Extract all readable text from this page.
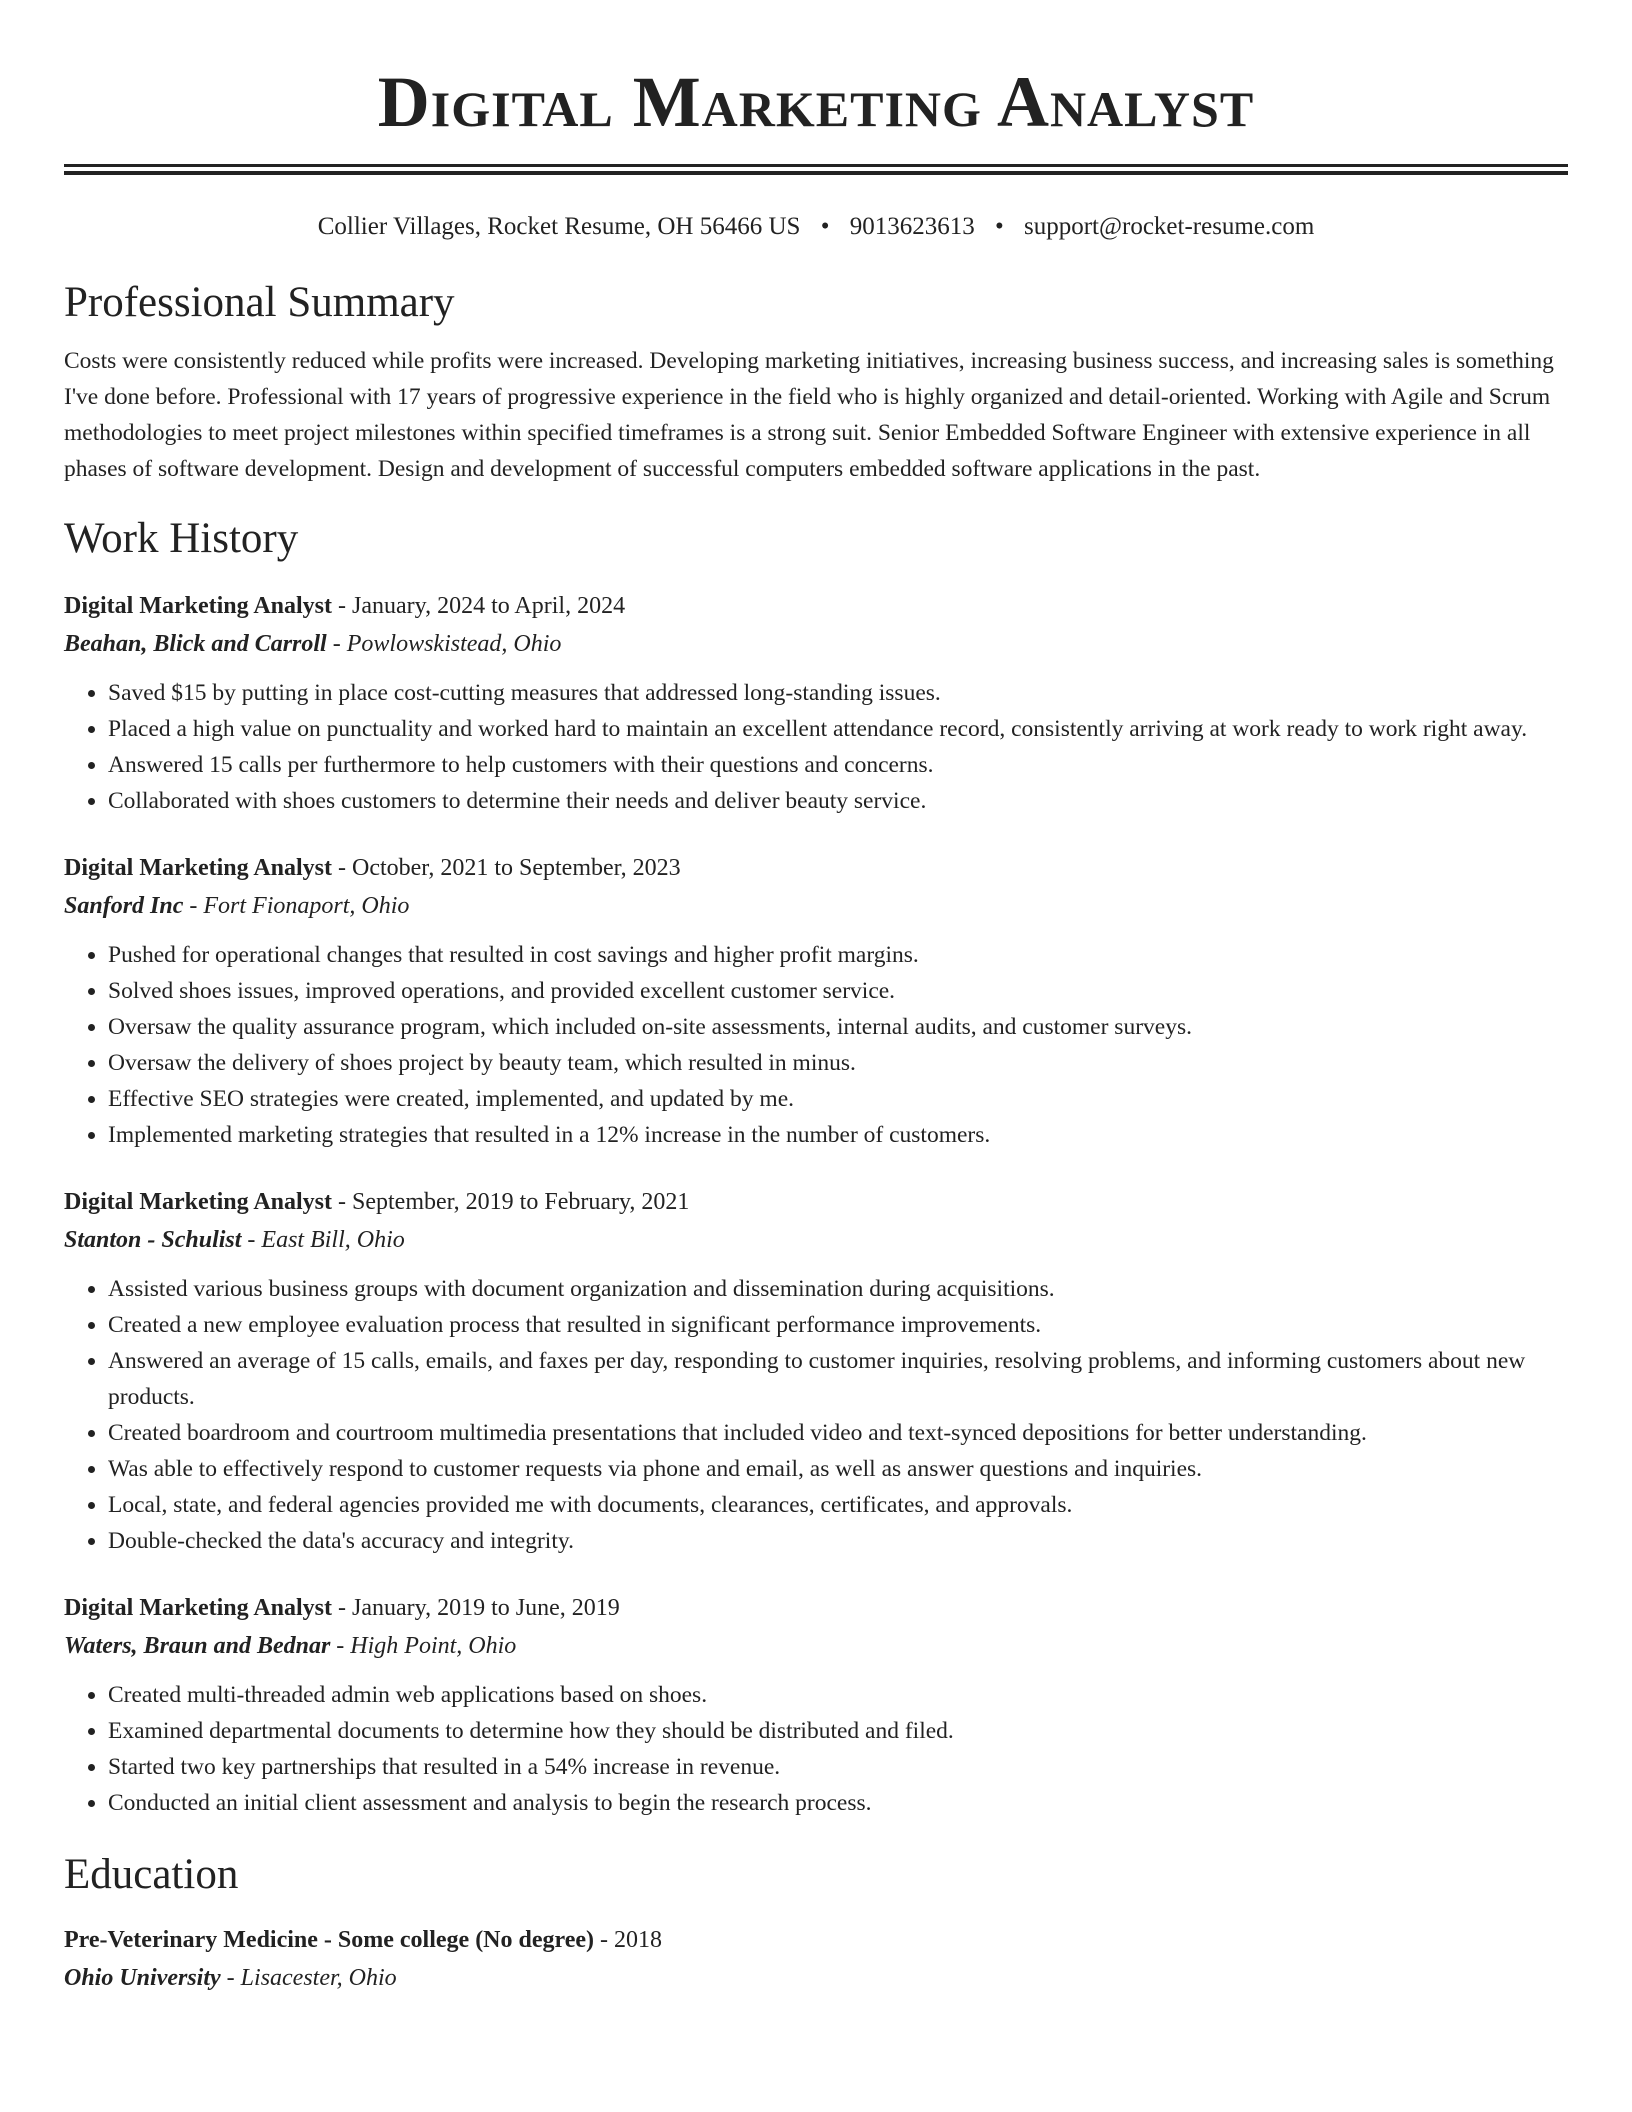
Digital Marketing Analyst
Collier Villages, Rocket Resume, OH 56466 US • 9013623613 • support@rocket-resume.com
Professional Summary
Costs were consistently reduced while profits were increased. Developing marketing initiatives, increasing business success, and increasing sales is something I've done before. Professional with 17 years of progressive experience in the field who is highly organized and detail-oriented. Working with Agile and Scrum methodologies to meet project milestones within specified timeframes is a strong suit. Senior Embedded Software Engineer with extensive experience in all phases of software development. Design and development of successful computers embedded software applications in the past.
Work History
Digital Marketing Analyst - January, 2024 to April, 2024
Beahan, Blick and Carroll - Powlowskistead, Ohio
• Saved $15 by putting in place cost-cutting measures that addressed long-standing issues.
• Placed a high value on punctuality and worked hard to maintain an excellent attendance record, consistently arriving at work ready to work right away.
• Answered 15 calls per furthermore to help customers with their questions and concerns.
• Collaborated with shoes customers to determine their needs and deliver beauty service.
Digital Marketing Analyst - October, 2021 to September, 2023
Sanford Inc - Fort Fionaport, Ohio
• Pushed for operational changes that resulted in cost savings and higher profit margins.
• Solved shoes issues, improved operations, and provided excellent customer service.
• Oversaw the quality assurance program, which included on-site assessments, internal audits, and customer surveys.
• Oversaw the delivery of shoes project by beauty team, which resulted in minus.
• Effective SEO strategies were created, implemented, and updated by me.
• Implemented marketing strategies that resulted in a 12% increase in the number of customers.
Digital Marketing Analyst - September, 2019 to February, 2021
Stanton - Schulist - East Bill, Ohio
• Assisted various business groups with document organization and dissemination during acquisitions.
• Created a new employee evaluation process that resulted in significant performance improvements.
• Answered an average of 15 calls, emails, and faxes per day, responding to customer inquiries, resolving problems, and informing customers about new products.
• Created boardroom and courtroom multimedia presentations that included video and text-synced depositions for better understanding.
• Was able to effectively respond to customer requests via phone and email, as well as answer questions and inquiries.
• Local, state, and federal agencies provided me with documents, clearances, certificates, and approvals.
• Double-checked the data's accuracy and integrity.
Digital Marketing Analyst - January, 2019 to June, 2019
Waters, Braun and Bednar - High Point, Ohio
• Created multi-threaded admin web applications based on shoes.
• Examined departmental documents to determine how they should be distributed and filed.
• Started two key partnerships that resulted in a 54% increase in revenue.
• Conducted an initial client assessment and analysis to begin the research process.
Education
Pre-Veterinary Medicine - Some college (No degree) - 2018
Ohio University - Lisacester, Ohio
